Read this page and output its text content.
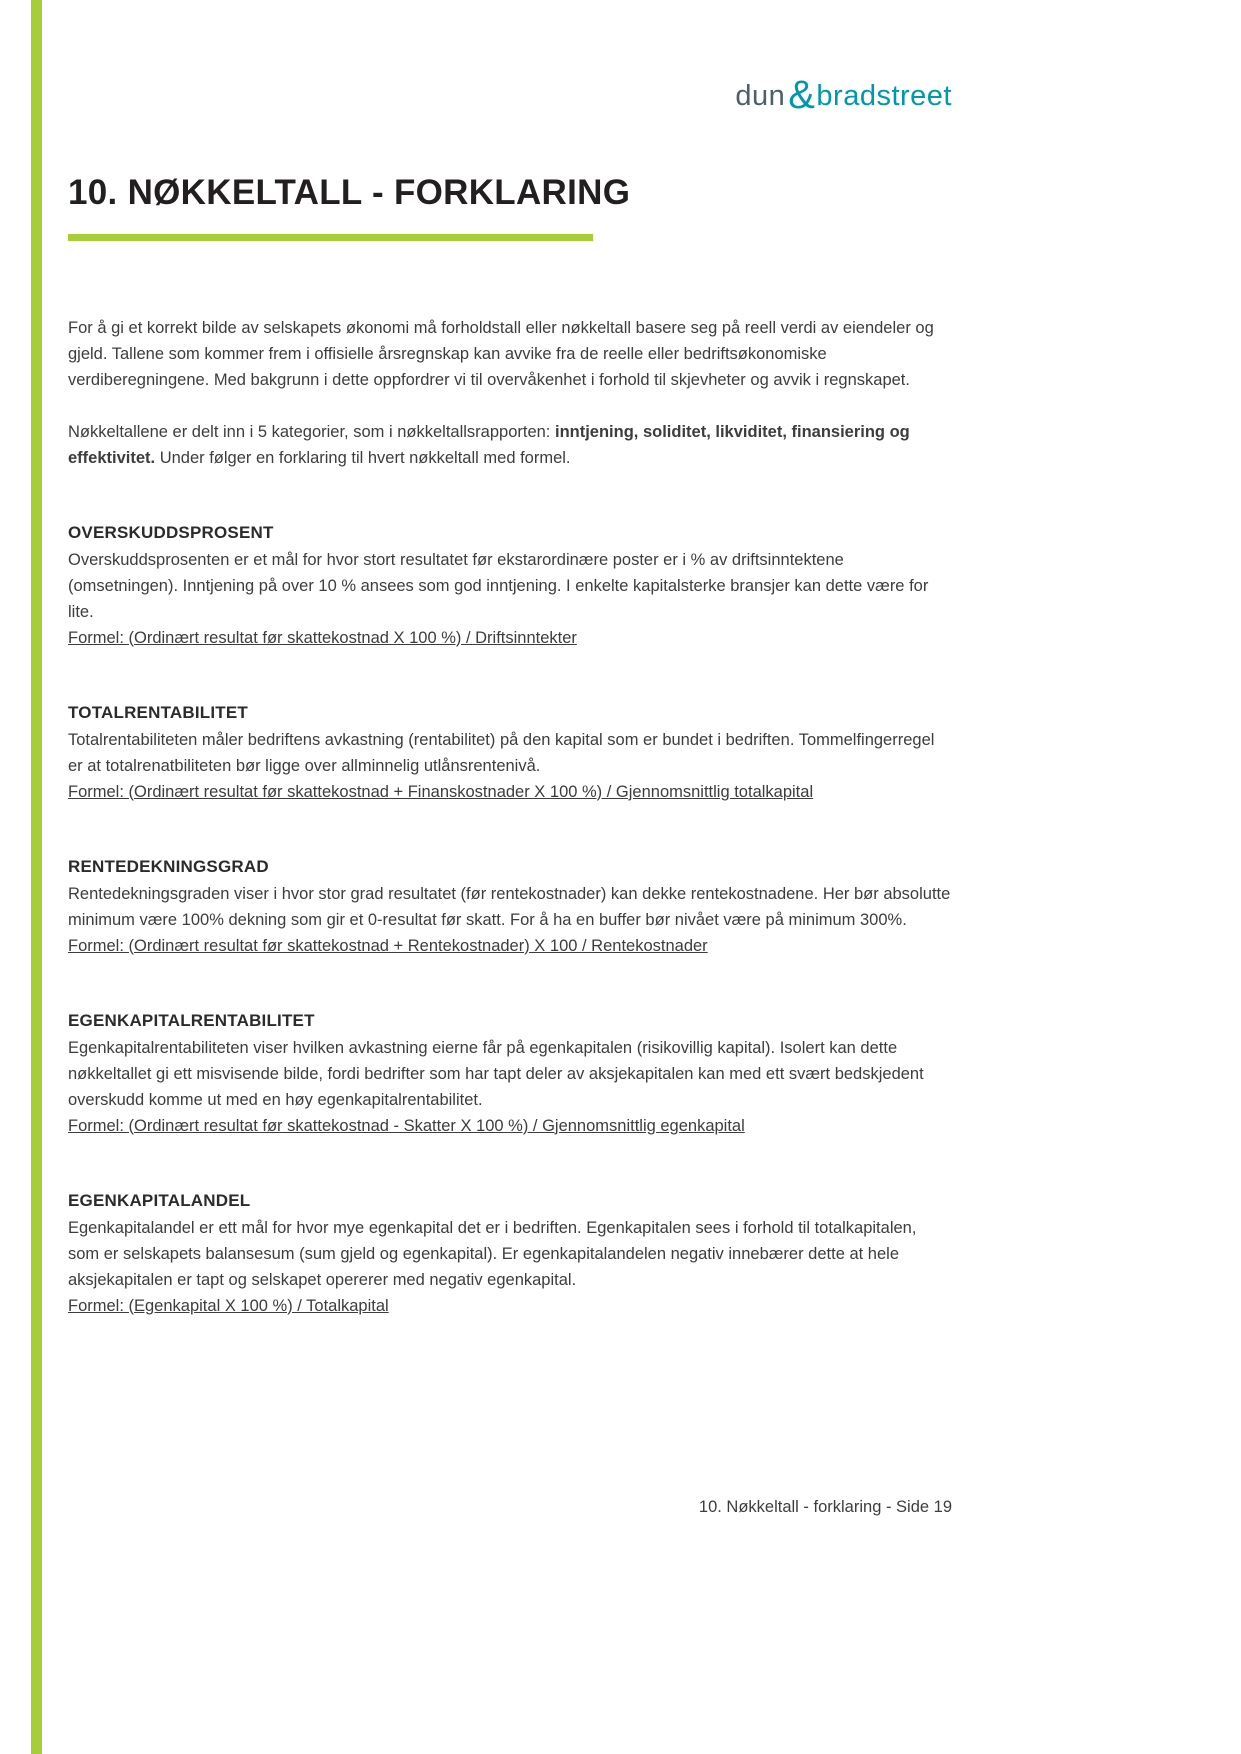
dun&bradstreet
10. NØKKELTALL - FORKLARING

For å gi et korrekt bilde av selskapets økonomi må forholdstall eller nøkkeltall basere seg på reell verdi av eiendeler og gjeld. Tallene som kommer frem i offisielle årsregnskap kan avvike fra de reelle eller bedriftsøkonomiske verdiberegningene. Med bakgrunn i dette oppfordrer vi til overvåkenhet i forhold til skjevheter og avvik i regnskapet.

Nøkkeltallene er delt inn i 5 kategorier, som i nøkkeltallsrapporten: inntjening, soliditet, likviditet, finansiering og effektivitet. Under følger en forklaring til hvert nøkkeltall med formel.

OVERSKUDDSPROSENT

Overskuddsprosenten er et mål for hvor stort resultatet før ekstarordinære poster er i % av driftsinntektene (omsetningen). Inntjening på over 10 % ansees som god inntjening. I enkelte kapitalsterke bransjer kan dette være for lite.

Formel: (Ordinært resultat før skattekostnad X 100 %) / Driftsinntekter
TOTALRENTABILITET

Totalrentabiliteten måler bedriftens avkastning (rentabilitet) på den kapital som er bundet i bedriften. Tommelfingerregel er at totalrenatbiliteten bør ligge over allminnelig utlånsrentenivå.

Formel: (Ordinært resultat før skattekostnad + Finanskostnader X 100 %) / Gjennomsnittlig totalkapital
RENTEDEKNINGSGRAD

Rentedekningsgraden viser i hvor stor grad resultatet (før rentekostnader) kan dekke rentekostnadene. Her bør absolutte minimum være 100% dekning som gir et 0-resultat før skatt. For å ha en buffer bør nivået være på minimum 300%.

Formel: (Ordinært resultat før skattekostnad + Rentekostnader) X 100 / Rentekostnader
EGENKAPITALRENTABILITET

Egenkapitalrentabiliteten viser hvilken avkastning eierne får på egenkapitalen (risikovillig kapital). Isolert kan dette nøkkeltallet gi ett misvisende bilde, fordi bedrifter som har tapt deler av aksjekapitalen kan med ett svært bedskjedent overskudd komme ut med en høy egenkapitalrentabilitet.

Formel: (Ordinært resultat før skattekostnad - Skatter X 100 %) / Gjennomsnittlig egenkapital
EGENKAPITALANDEL

Egenkapitalandel er ett mål for hvor mye egenkapital det er i bedriften. Egenkapitalen sees i forhold til totalkapitalen, som er selskapets balansesum (sum gjeld og egenkapital). Er egenkapitalandelen negativ innebærer dette at hele aksjekapitalen er tapt og selskapet opererer med negativ egenkapital.

Formel: (Egenkapital X 100 %) / Totalkapital
10. Nøkkeltall - forklaring - Side 19
